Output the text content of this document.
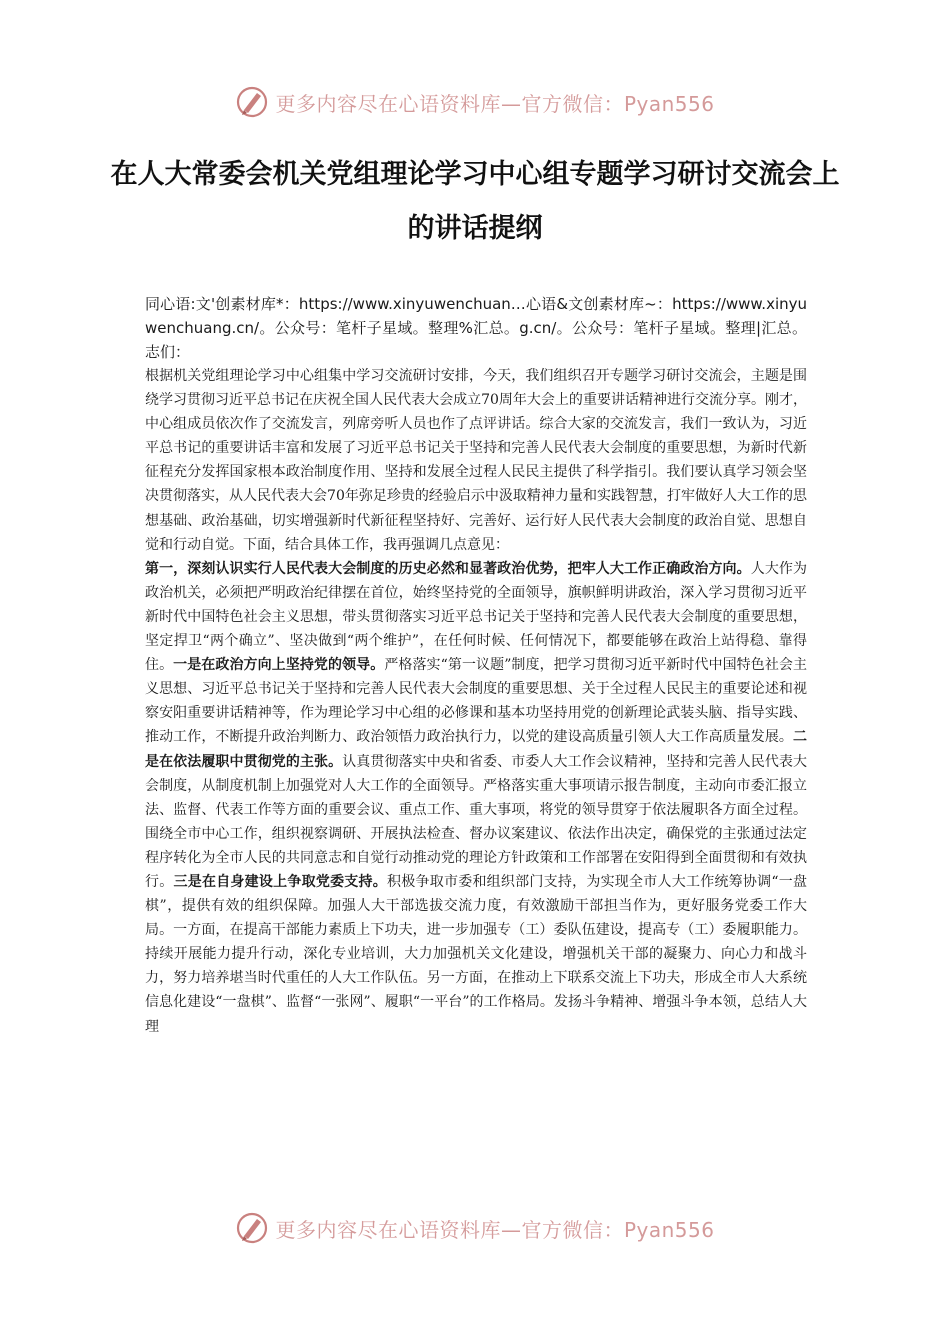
更多内容尽在心语资料库—官方微信：Pyan556
在人大常委会机关党组理论学习中心组专题学习研讨交流会上的讲话提纲

同心语:文'创素材库*：https://www.xinyuwenchuan…心语&文创素材库~：https://www.xinyuwenchuang.cn/。公众号：笔杆子星域。整理%汇总。g.cn/。公众号：笔杆子星域。整理|汇总。志们：

根据机关党组理论学习中心组集中学习交流研讨安排，今天，我们组织召开专题学习研讨交流会，主题是围绕学习贯彻习近平总书记在庆祝全国人民代表大会成立70周年大会上的重要讲话精神进行交流分享。刚才，中心组成员依次作了交流发言，列席旁听人员也作了点评讲话。综合大家的交流发言，我们一致认为，习近平总书记的重要讲话丰富和发展了习近平总书记关于坚持和完善人民代表大会制度的重要思想，为新时代新征程充分发挥国家根本政治制度作用、坚持和发展全过程人民民主提供了科学指引。我们要认真学习领会坚决贯彻落实，从人民代表大会70年弥足珍贵的经验启示中汲取精神力量和实践智慧，打牢做好人大工作的思想基础、政治基础，切实增强新时代新征程坚持好、完善好、运行好人民代表大会制度的政治自觉、思想自觉和行动自觉。下面，结合具体工作，我再强调几点意见：

第一，深刻认识实行人民代表大会制度的历史必然和显著政治优势，把牢人大工作正确政治方向。人大作为政治机关，必须把严明政治纪律摆在首位，始终坚持党的全面领导，旗帜鲜明讲政治，深入学习贯彻习近平新时代中国特色社会主义思想，带头贯彻落实习近平总书记关于坚持和完善人民代表大会制度的重要思想，坚定捍卫“两个确立”、坚决做到“两个维护”，在任何时候、任何情况下，都要能够在政治上站得稳、靠得住。一是在政治方向上坚持党的领导。严格落实“第一议题”制度，把学习贯彻习近平新时代中国特色社会主义思想、习近平总书记关于坚持和完善人民代表大会制度的重要思想、关于全过程人民民主的重要论述和视察安阳重要讲话精神等，作为理论学习中心组的必修课和基本功坚持用党的创新理论武装头脑、指导实践、推动工作，不断提升政治判断力、政治领悟力政治执行力，以党的建设高质量引领人大工作高质量发展。二是在依法履职中贯彻党的主张。认真贯彻落实中央和省委、市委人大工作会议精神，坚持和完善人民代表大会制度，从制度机制上加强党对人大工作的全面领导。严格落实重大事项请示报告制度，主动向市委汇报立法、监督、代表工作等方面的重要会议、重点工作、重大事项，将党的领导贯穿于依法履职各方面全过程。围绕全市中心工作，组织视察调研、开展执法检查、督办议案建议、依法作出决定，确保党的主张通过法定程序转化为全市人民的共同意志和自觉行动推动党的理论方针政策和工作部署在安阳得到全面贯彻和有效执行。三是在自身建设上争取党委支持。积极争取市委和组织部门支持，为实现全市人大工作统筹协调“一盘棋”，提供有效的组织保障。加强人大干部选拔交流力度，有效激励干部担当作为，更好服务党委工作大局。一方面，在提高干部能力素质上下功夫，进一步加强专（工）委队伍建设，提高专（工）委履职能力。持续开展能力提升行动，深化专业培训，大力加强机关文化建设，增强机关干部的凝聚力、向心力和战斗力，努力培养堪当时代重任的人大工作队伍。另一方面，在推动上下联系交流上下功夫，形成全市人大系统信息化建设“一盘棋”、监督“一张网”、履职“一平台”的工作格局。发扬斗争精神、增强斗争本领，总结人大理

更多内容尽在心语资料库—官方微信：Pyan556
